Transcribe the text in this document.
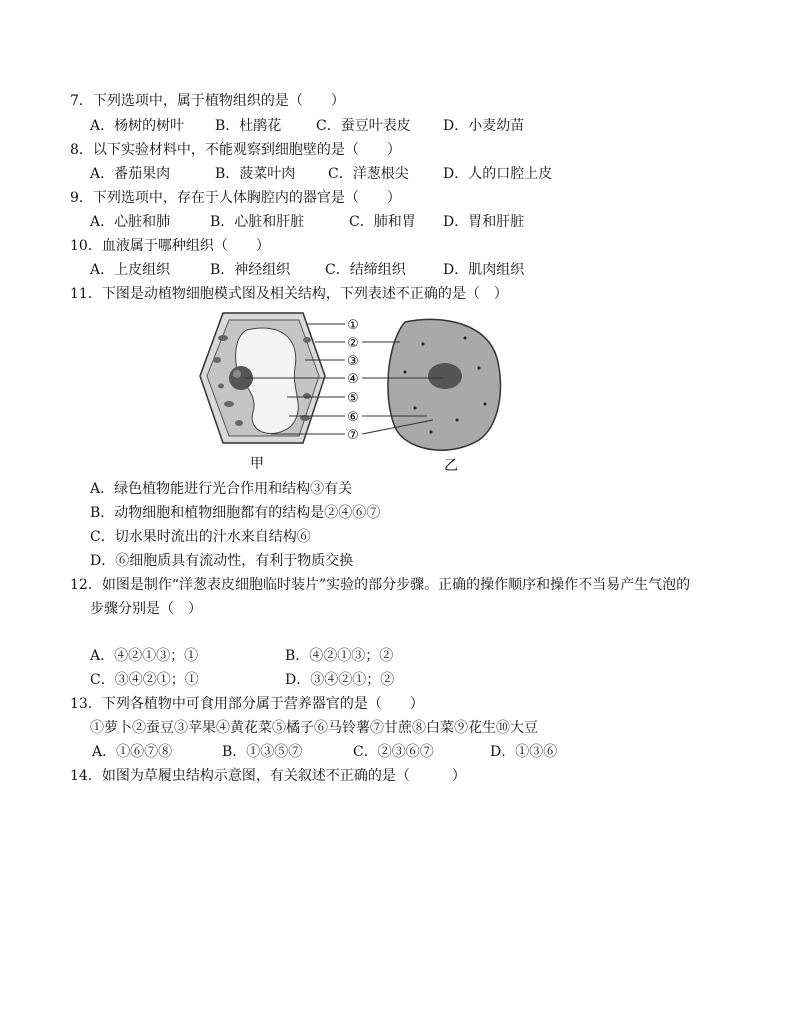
7．下列选项中，属于植物组织的是（　　）
A．杨树的树叶 B．杜鹃花 C．蚕豆叶表皮 D．小麦幼苗
8．以下实验材料中，不能观察到细胞壁的是（　　）
A．番茄果肉	B．菠菜叶肉 C．洋葱根尖 D．人的口腔上皮
9．下列选项中，存在于人体胸腔内的器官是（　　）
A．心脏和肺	B．心脏和肝脏	C．肺和胃 D．胃和肝脏
10．血液属于哪种组织（　　）
A．上皮组织	B．神经组织 C．结缔组织	D．肌肉组织
11．下图是动植物细胞模式图及相关结构，下列表述不正确的是（　）
①
②
③
④
⑤
⑥
⑦
甲	乙
A．绿色植物能进行光合作用和结构③有关
B．动物细胞和植物细胞都有的结构是②④⑥⑦
C．切水果时流出的汁水来自结构⑥
D．⑥细胞质具有流动性，有利于物质交换
12．如图是制作“洋葱表皮细胞临时装片”实验的部分步骤。正确的操作顺序和操作不当易产生气泡的
步骤分别是（　）
A．④②①③；①	B．④②①③；②
C．③④②①；①	D．③④②①；②
13．下列各植物中可食用部分属于营养器官的是（　　）
①萝卜②蚕豆③苹果④黄花菜⑤橘子⑥马铃薯⑦甘蔗⑧白菜⑨花生⑩大豆
A．①⑥⑦⑧	B．①③⑤⑦	C．②③⑥⑦	D．①③⑥
14．如图为草履虫结构示意图，有关叙述不正确的是（　　　）
